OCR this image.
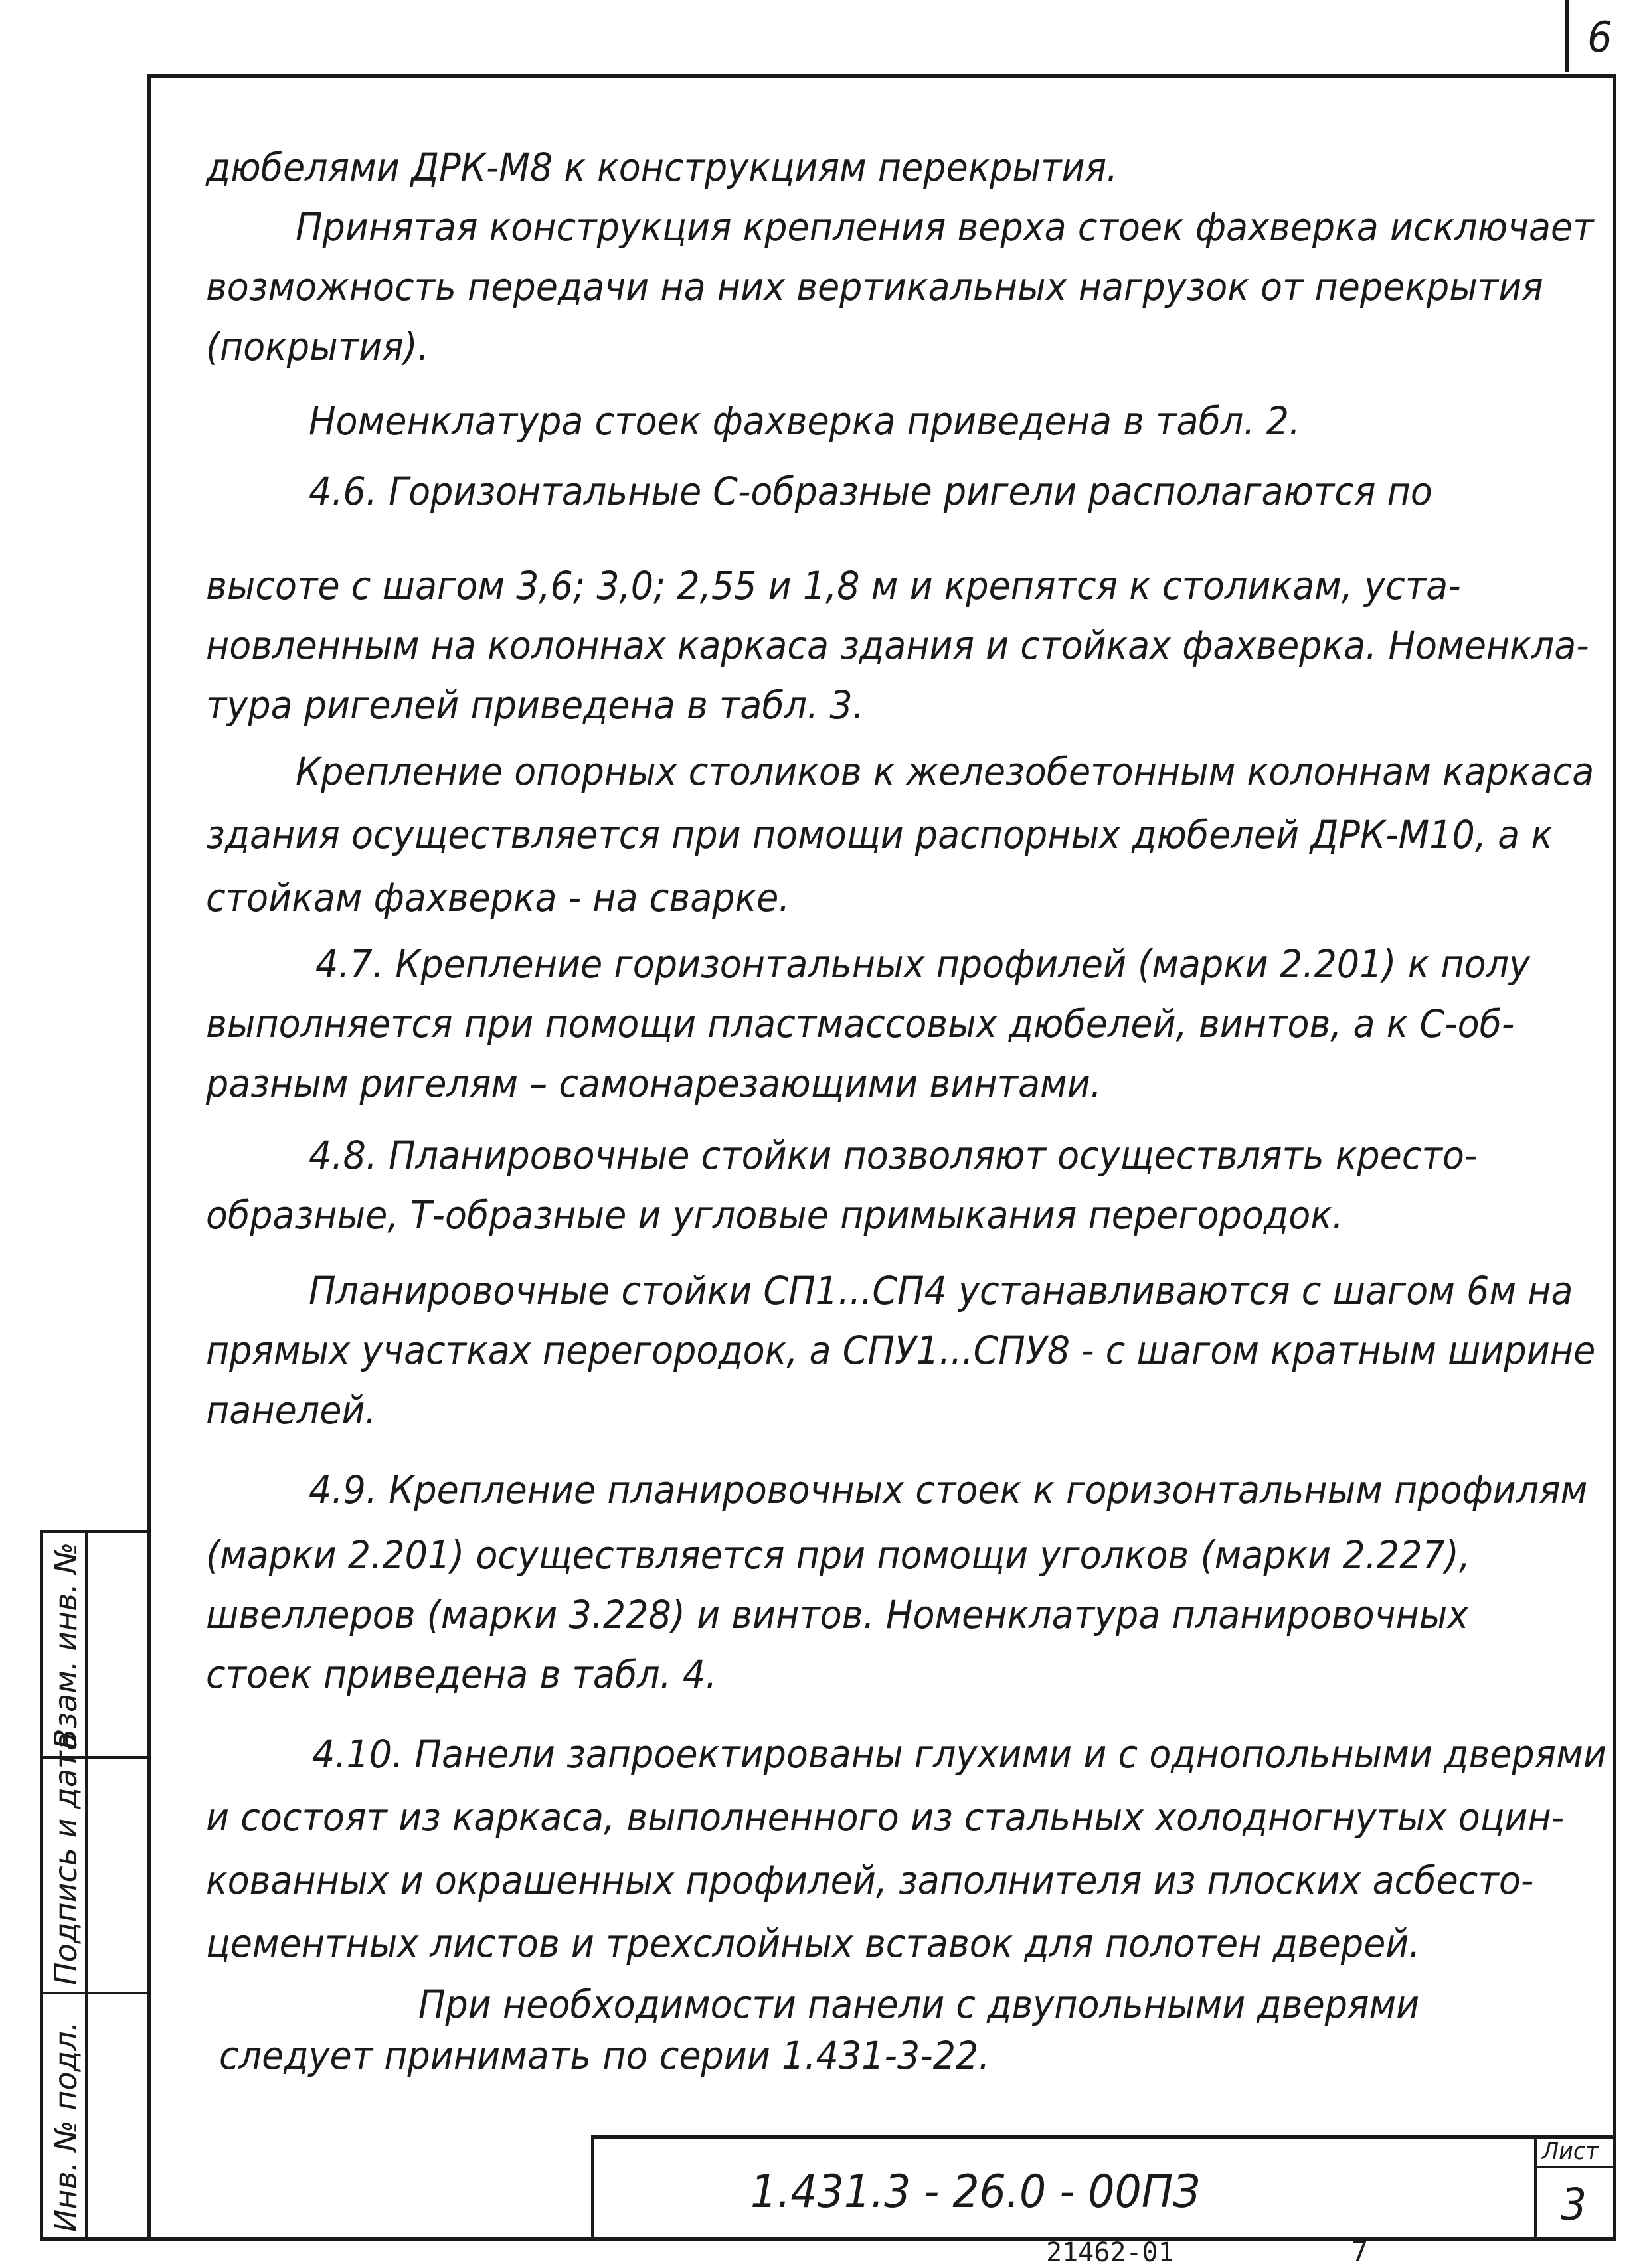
6
Взам. инв. №
Подпись и дата
Инв. № подл.	1.431.3 - 26.0 - 00ПЗ
Лист
3
21462-01	7
дюбелями ДРК-М8 к конструкциям перекрытия.
Принятая конструкция крепления верха стоек фахверка исключает
возможность передачи на них вертикальных нагрузок от перекрытия
(покрытия).
Номенклатура стоек фахверка приведена в табл. 2.
4.6. Горизонтальные С-образные ригели располагаются по
высоте с шагом 3,6; 3,0; 2,55 и 1,8 м и крепятся к столикам, уста-
новленным на колоннах каркаса здания и стойках фахверка. Номенкла-
тура ригелей приведена в табл. 3.
Крепление опорных столиков к железобетонным колоннам каркаса
здания осуществляется при помощи распорных дюбелей ДРК-М10, а к
стойкам фахверка - на сварке.
4.7. Крепление горизонтальных профилей (марки 2.201) к полу
выполняется при помощи пластмассовых дюбелей, винтов, а к С-об-
разным ригелям – самонарезающими винтами.
4.8. Планировочные стойки позволяют осуществлять кресто-
образные, Т-образные и угловые примыкания перегородок.
Планировочные стойки СП1...СП4 устанавливаются с шагом 6м на
прямых участках перегородок, а СПУ1...СПУ8 - с шагом кратным ширине
панелей.
4.9. Крепление планировочных стоек к горизонтальным профилям
(марки 2.201) осуществляется при помощи уголков (марки 2.227),
швеллеров (марки 3.228) и винтов. Номенклатура планировочных
стоек приведена в табл. 4.
4.10. Панели запроектированы глухими и с однопольными дверями
и состоят из каркаса, выполненного из стальных холодногнутых оцин-
кованных и окрашенных профилей, заполнителя из плоских асбесто-
цементных листов и трехслойных вставок для полотен дверей.
При необходимости панели с двупольными дверями
следует принимать по серии 1.431-3-22.
